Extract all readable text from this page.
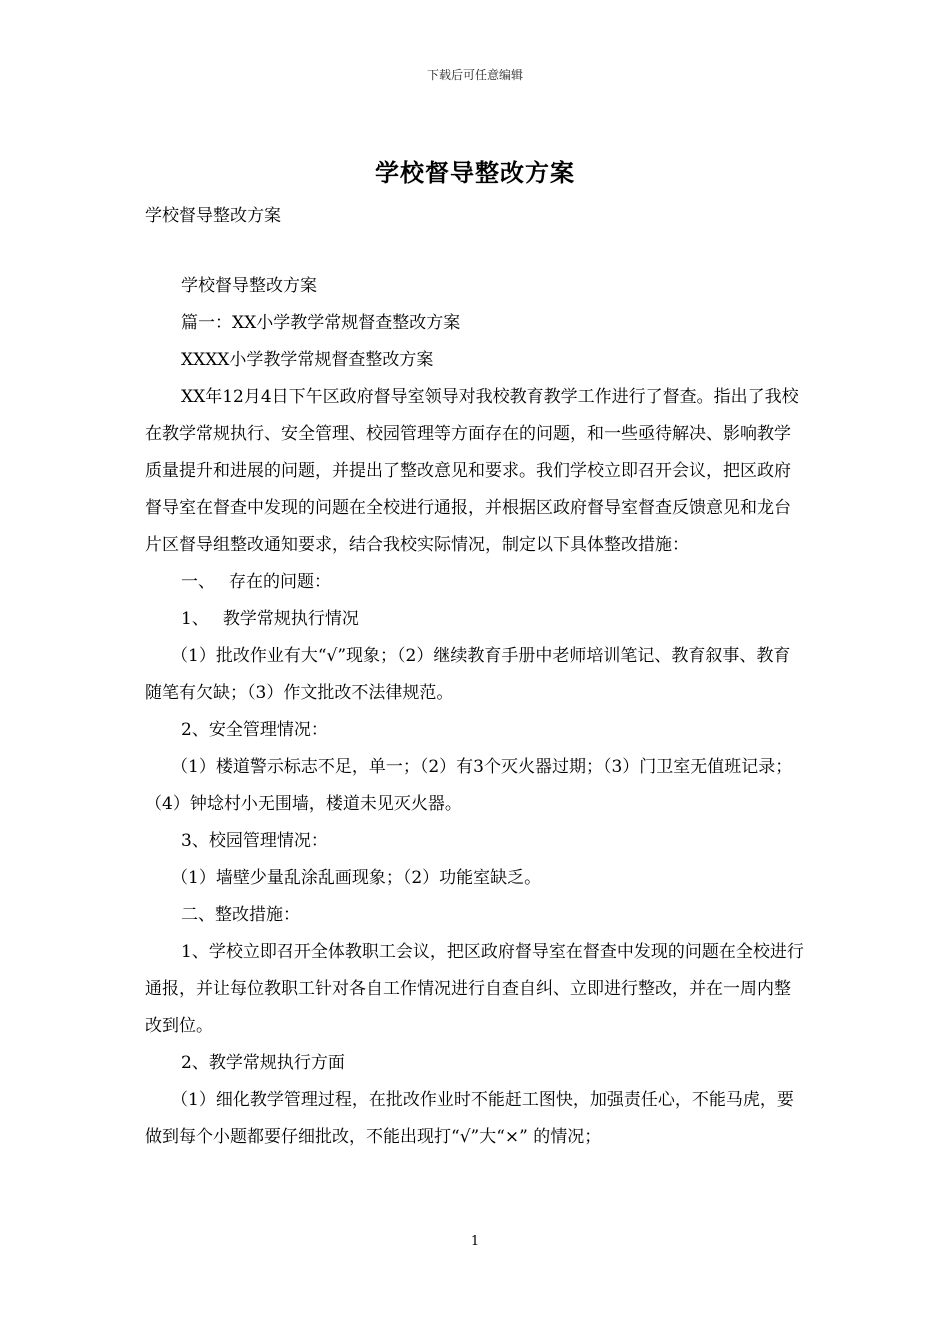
下载后可任意编辑
学校督导整改方案
学校督导整改方案

学校督导整改方案

篇一：XX小学教学常规督查整改方案

XXXX小学教学常规督查整改方案

XX年12月4日下午区政府督导室领导对我校教育教学工作进行了督查。指出了我校在教学常规执行、安全管理、校园管理等方面存在的问题，和一些亟待解决、影响教学质量提升和进展的问题，并提出了整改意见和要求。我们学校立即召开会议，把区政府督导室在督查中发现的问题在全校进行通报，并根据区政府督导室督查反馈意见和龙台片区督导组整改通知要求，结合我校实际情况，制定以下具体整改措施：

一、 存在的问题：

1、 教学常规执行情况

（1）批改作业有大“√”现象；（2）继续教育手册中老师培训笔记、教育叙事、教育随笔有欠缺；（3）作文批改不法律规范。

2、安全管理情况：

（1）楼道警示标志不足，单一；（2）有3个灭火器过期；（3）门卫室无值班记录；（4）钟埝村小无围墙，楼道未见灭火器。

3、校园管理情况：

（1）墙壁少量乱涂乱画现象；（2）功能室缺乏。

二、整改措施：

1、学校立即召开全体教职工会议，把区政府督导室在督查中发现的问题在全校进行通报，并让每位教职工针对各自工作情况进行自查自纠、立即进行整改，并在一周内整改到位。

2、教学常规执行方面

（1）细化教学管理过程，在批改作业时不能赶工图快，加强责任心，不能马虎，要做到每个小题都要仔细批改，不能出现打“√”大“×” 的情况；

1
